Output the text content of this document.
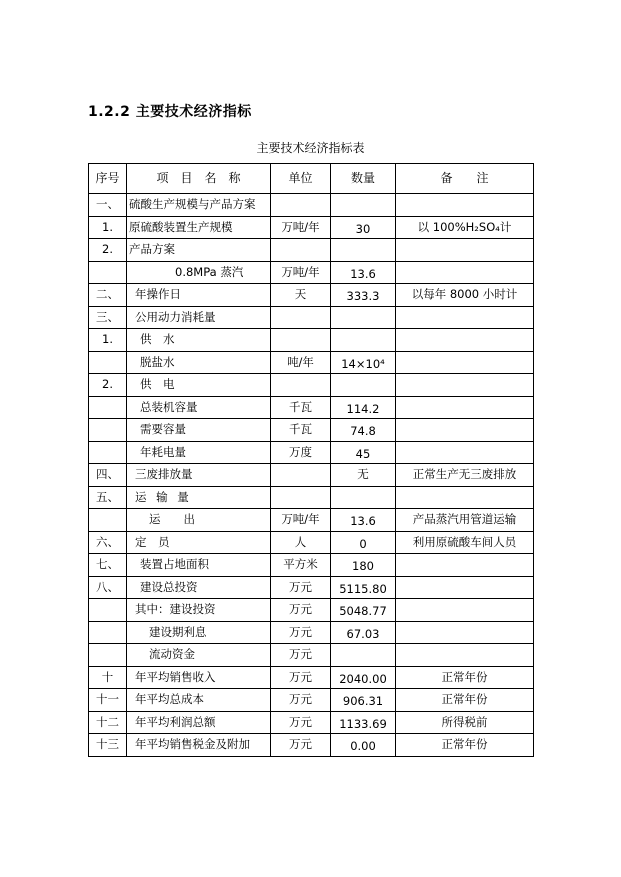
1.2.2 主要技术经济指标
主要技术经济指标表
序号	项　目　名　称	单位	数量	备　　注
一、	硫酸生产规模与产品方案			
1.	原硫酸装置生产规模	万吨/年	30	以 100%H₂SO₄计
2.	产品方案			
	0.8MPa 蒸汽	万吨/年	13.6	
二、	年操作日	天	333.3	以每年 8000 小时计
三、	公用动力消耗量			
1.	供　水			
	脱盐水	吨/年	14×10⁴	
2.	供　电			
	总装机容量	千瓦	114.2	
	需要容量	千瓦	74.8	
	年耗电量	万度	45	
四、	三废排放量		无	正常生产无三废排放
五、	运 输 量			
	运　　出	万吨/年	13.6	产品蒸汽用管道运输
六、	定　员	人	0	利用原硫酸车间人员
七、	装置占地面积	平方米	180	
八、	建设总投资	万元	5115.80	
	其中：建设投资	万元	5048.77	
	建设期利息	万元	67.03	
	流动资金	万元		
十	年平均销售收入	万元	2040.00	正常年份
十一	年平均总成本	万元	906.31	正常年份
十二	年平均利润总额	万元	1133.69	所得税前
十三	年平均销售税金及附加	万元	0.00	正常年份
